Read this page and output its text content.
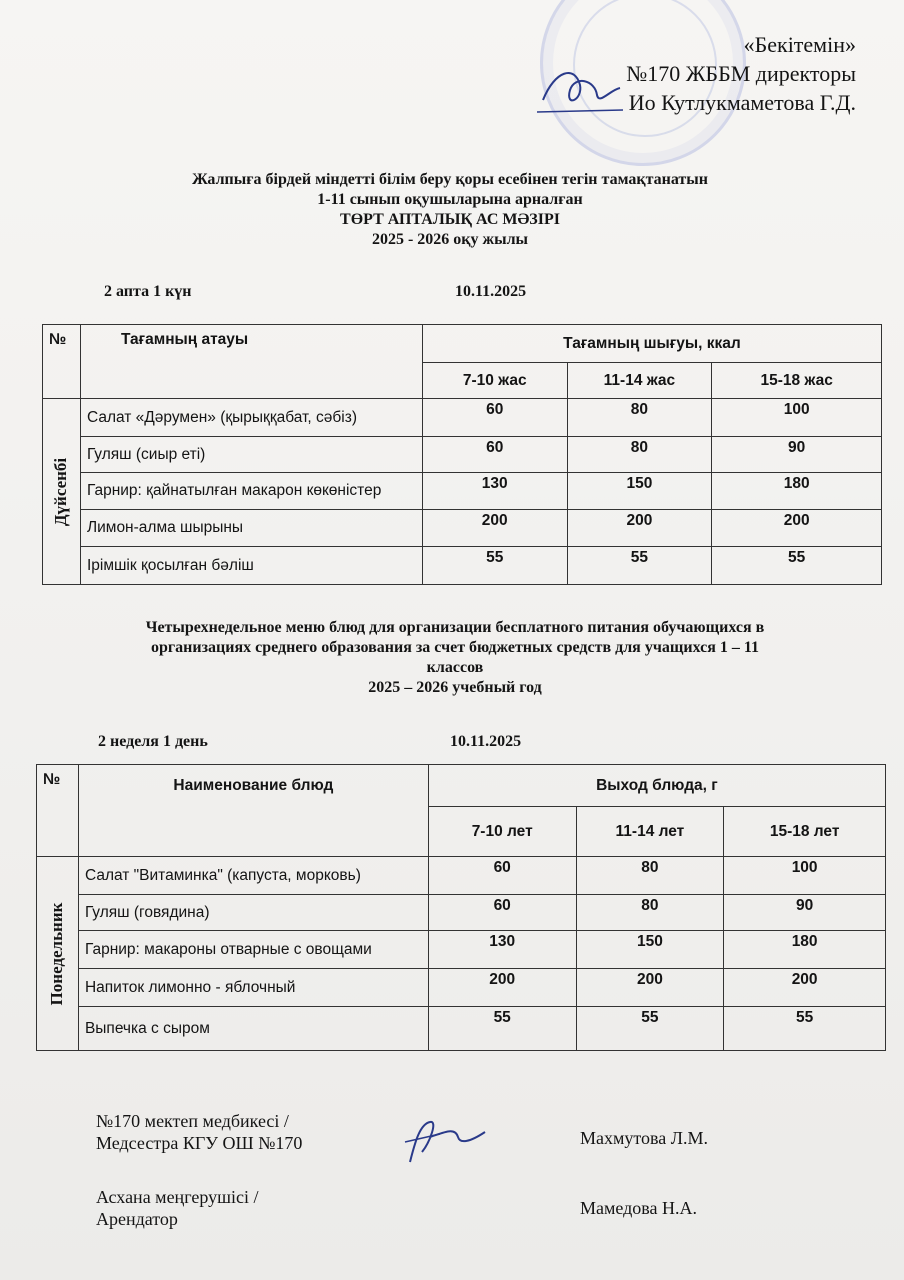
«Бекітемін»
№170 ЖББМ директоры
Ио Кутлукмаметова Г.Д.
Жалпыға бірдей міндетті білім беру қоры есебінен тегін тамақтанатын
1-11 сынып оқушыларына арналған
ТӨРТ АПТАЛЫҚ АС МӘЗІРІ
2025 - 2026 оқу жылы
2 апта 1 күн	10.11.2025
№	Тағамның атауы	Тағамның шығуы, ккал		
		7-10 жас	11-14 жас	15-18 жас

Дүйсенбі	Салат «Дәрумен» (қырыққабат, сәбіз)	60	80	100
	Гуляш (сиыр еті)	60	80	90
	Гарнир: қайнатылған макарон көкөністер	130	150	180
	Лимон-алма шырыны	200	200	200
	Ірімшік қосылған бәліш	55	55	55
Четырехнедельное меню блюд для организации бесплатного питания обучающихся в
организациях среднего образования за счет бюджетных средств для учащихся 1 – 11
классов
2025 – 2026 учебный год
2 неделя 1 день	10.11.2025
№	Наименование блюд	Выход блюда, г		
		7-10 лет	11-14 лет	15-18 лет

Понедельник	Салат "Витаминка" (капуста, морковь)	60	80	100
	Гуляш (говядина)	60	80	90
	Гарнир: макароны отварные с овощами	130	150	180
	Напиток лимонно - яблочный	200	200	200
	Выпечка с сыром	55	55	55
№170 мектеп медбикесі /
Медсестра КГУ ОШ №170	Махмутова Л.М.
Асхана меңгерушісі /
Арендатор
Мамедова Н.А.
